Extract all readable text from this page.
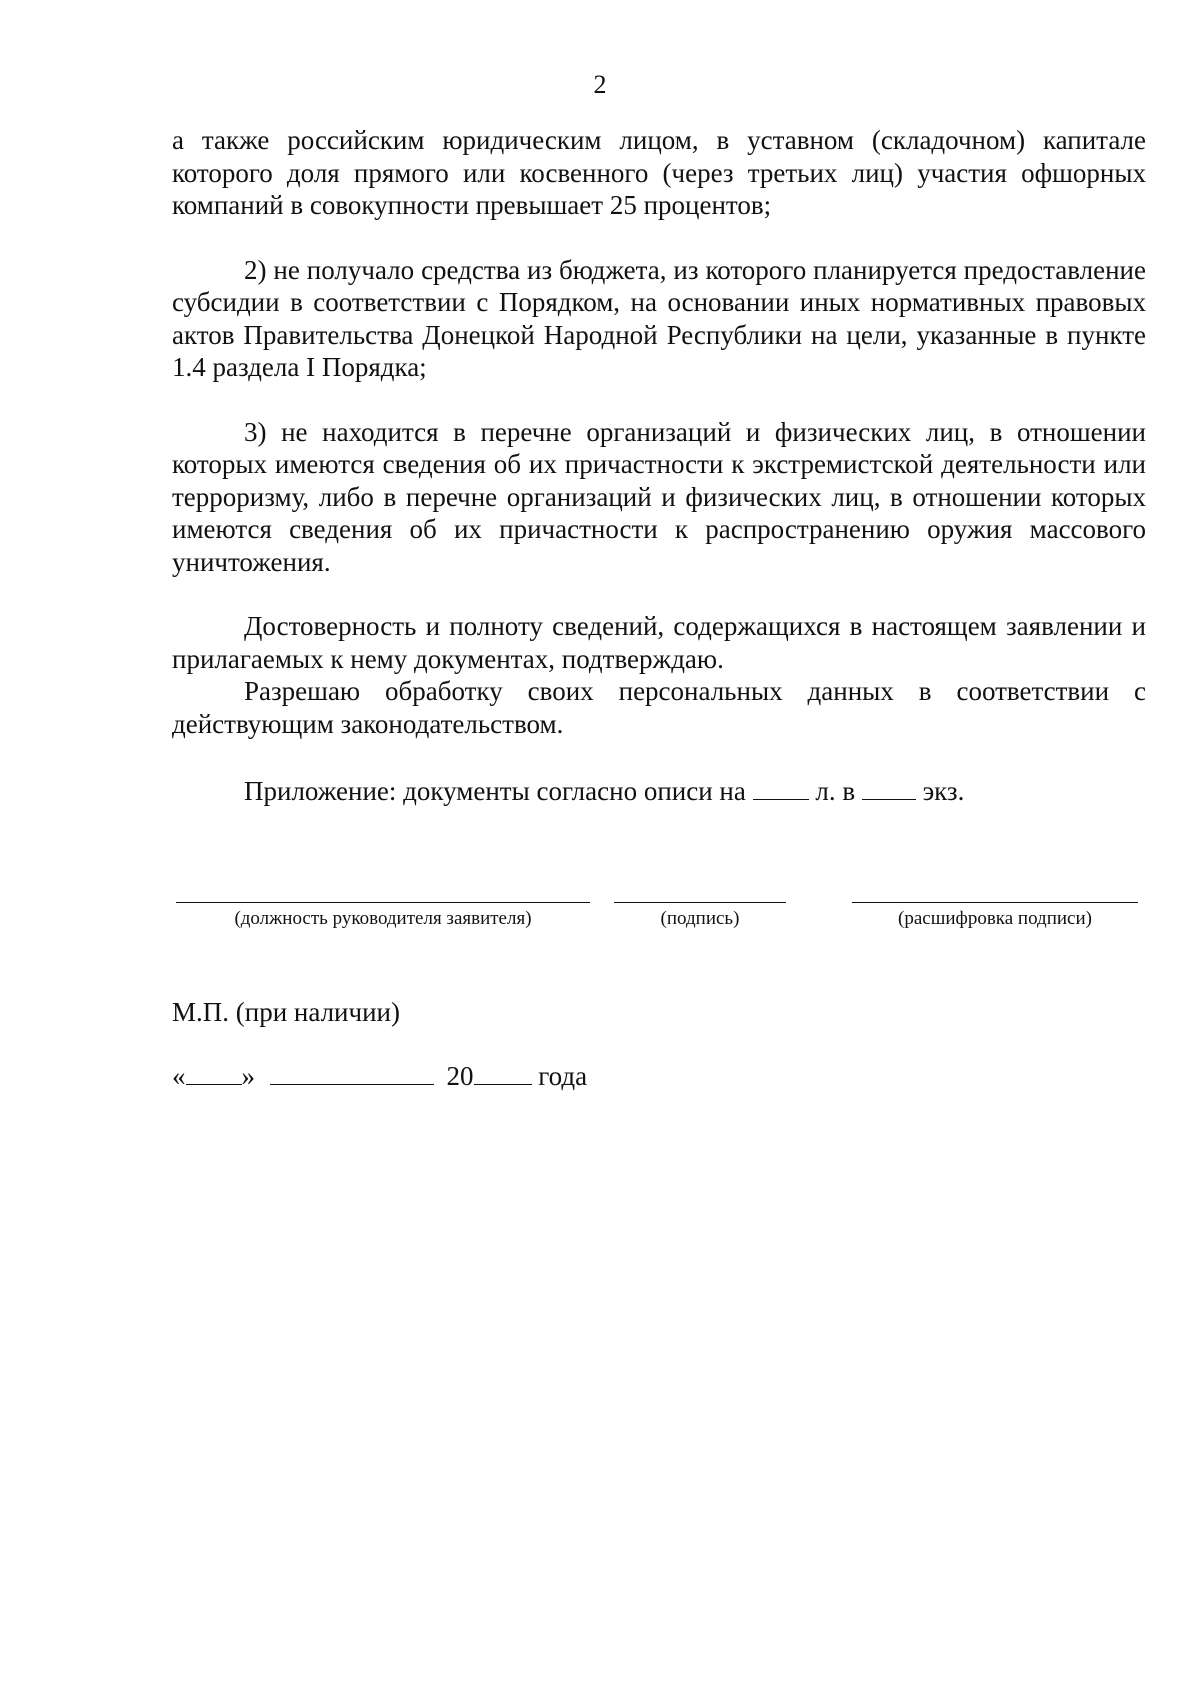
2

а также российским юридическим лицом, в уставном (складочном) капитале которого доля прямого или косвенного (через третьих лиц) участия офшорных компаний в совокупности превышает 25 процентов;

2) не получало средства из бюджета, из которого планируется предоставление субсидии в соответствии с Порядком, на основании иных нормативных правовых актов Правительства Донецкой Народной Республики на цели, указанные в пункте 1.4 раздела I Порядка;

3) не находится в перечне организаций и физических лиц, в отношении которых имеются сведения об их причастности к экстремистской деятельности или терроризму, либо в перечне организаций и физических лиц, в отношении которых имеются сведения об их причастности к распространению оружия массового уничтожения.

Достоверность и полноту сведений, содержащихся в настоящем заявлении и прилагаемых к нему документах, подтверждаю.

Разрешаю обработку своих персональных данных в соответствии с действующим законодательством.

Приложение: документы согласно описи на	л. в	экз.
(должность руководителя заявителя)	(подпись)	(расшифровка подписи)
М.П. (при наличии)
« »	20 года
